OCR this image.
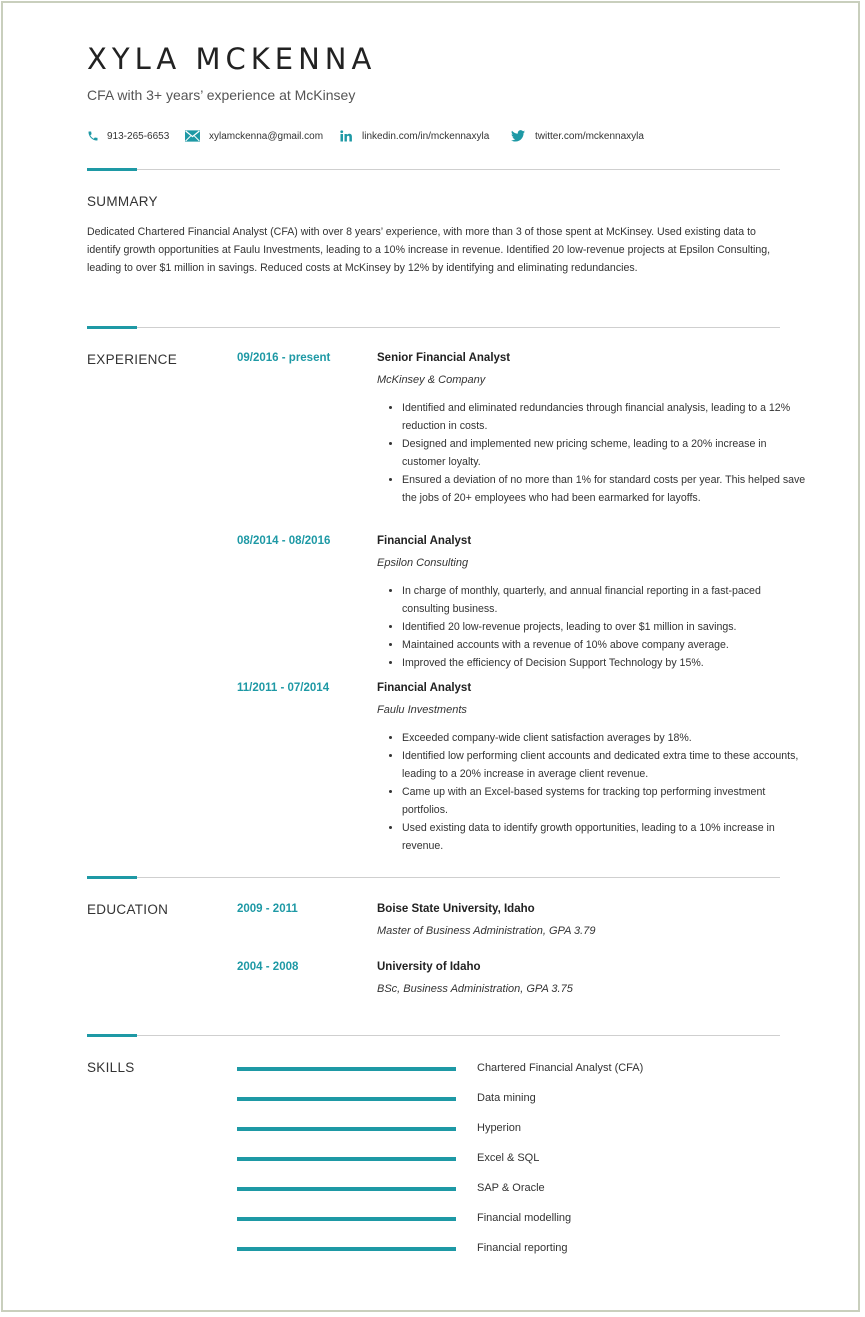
XYLA MCKENNA

CFA with 3+ years’ experience at McKinsey

913-265-6653	xylamckenna@gmail.com	linkedin.com/in/mckennaxyla	twitter.com/mckennaxyla
SUMMARY

Dedicated Chartered Financial Analyst (CFA) with over 8 years’ experience, with more than 3 of those spent at McKinsey. Used existing data to identify growth opportunities at Faulu Investments, leading to a 10% increase in revenue. Identified 20 low-revenue projects at Epsilon Consulting, leading to over $1 million in savings. Reduced costs at McKinsey by 12% by identifying and eliminating redundancies.

EXPERIENCE	09/2016 - present	Senior Financial Analyst
McKinsey & Company
• Identified and eliminated redundancies through financial analysis, leading to a 12% reduction in costs.
• Designed and implemented new pricing scheme, leading to a 20% increase in customer loyalty.
• Ensured a deviation of no more than 1% for standard costs per year. This helped save the jobs of 20+ employees who had been earmarked for layoffs.
08/2014 - 08/2016	Financial Analyst
Epsilon Consulting
• In charge of monthly, quarterly, and annual financial reporting in a fast-paced consulting business.
• Identified 20 low-revenue projects, leading to over $1 million in savings.
• Maintained accounts with a revenue of 10% above company average.
• Improved the efficiency of Decision Support Technology by 15%.
11/2011 - 07/2014	Financial Analyst
Faulu Investments
• Exceeded company-wide client satisfaction averages by 18%.
• Identified low performing client accounts and dedicated extra time to these accounts, leading to a 20% increase in average client revenue.
• Came up with an Excel-based systems for tracking top performing investment portfolios.
• Used existing data to identify growth opportunities, leading to a 10% increase in revenue.
EDUCATION	2009 - 2011	Boise State University, Idaho
Master of Business Administration, GPA 3.79
2004 - 2008	University of Idaho
BSc, Business Administration, GPA 3.75
SKILLS	Chartered Financial Analyst (CFA)
Data mining
Hyperion
Excel & SQL
SAP & Oracle
Financial modelling
Financial reporting
